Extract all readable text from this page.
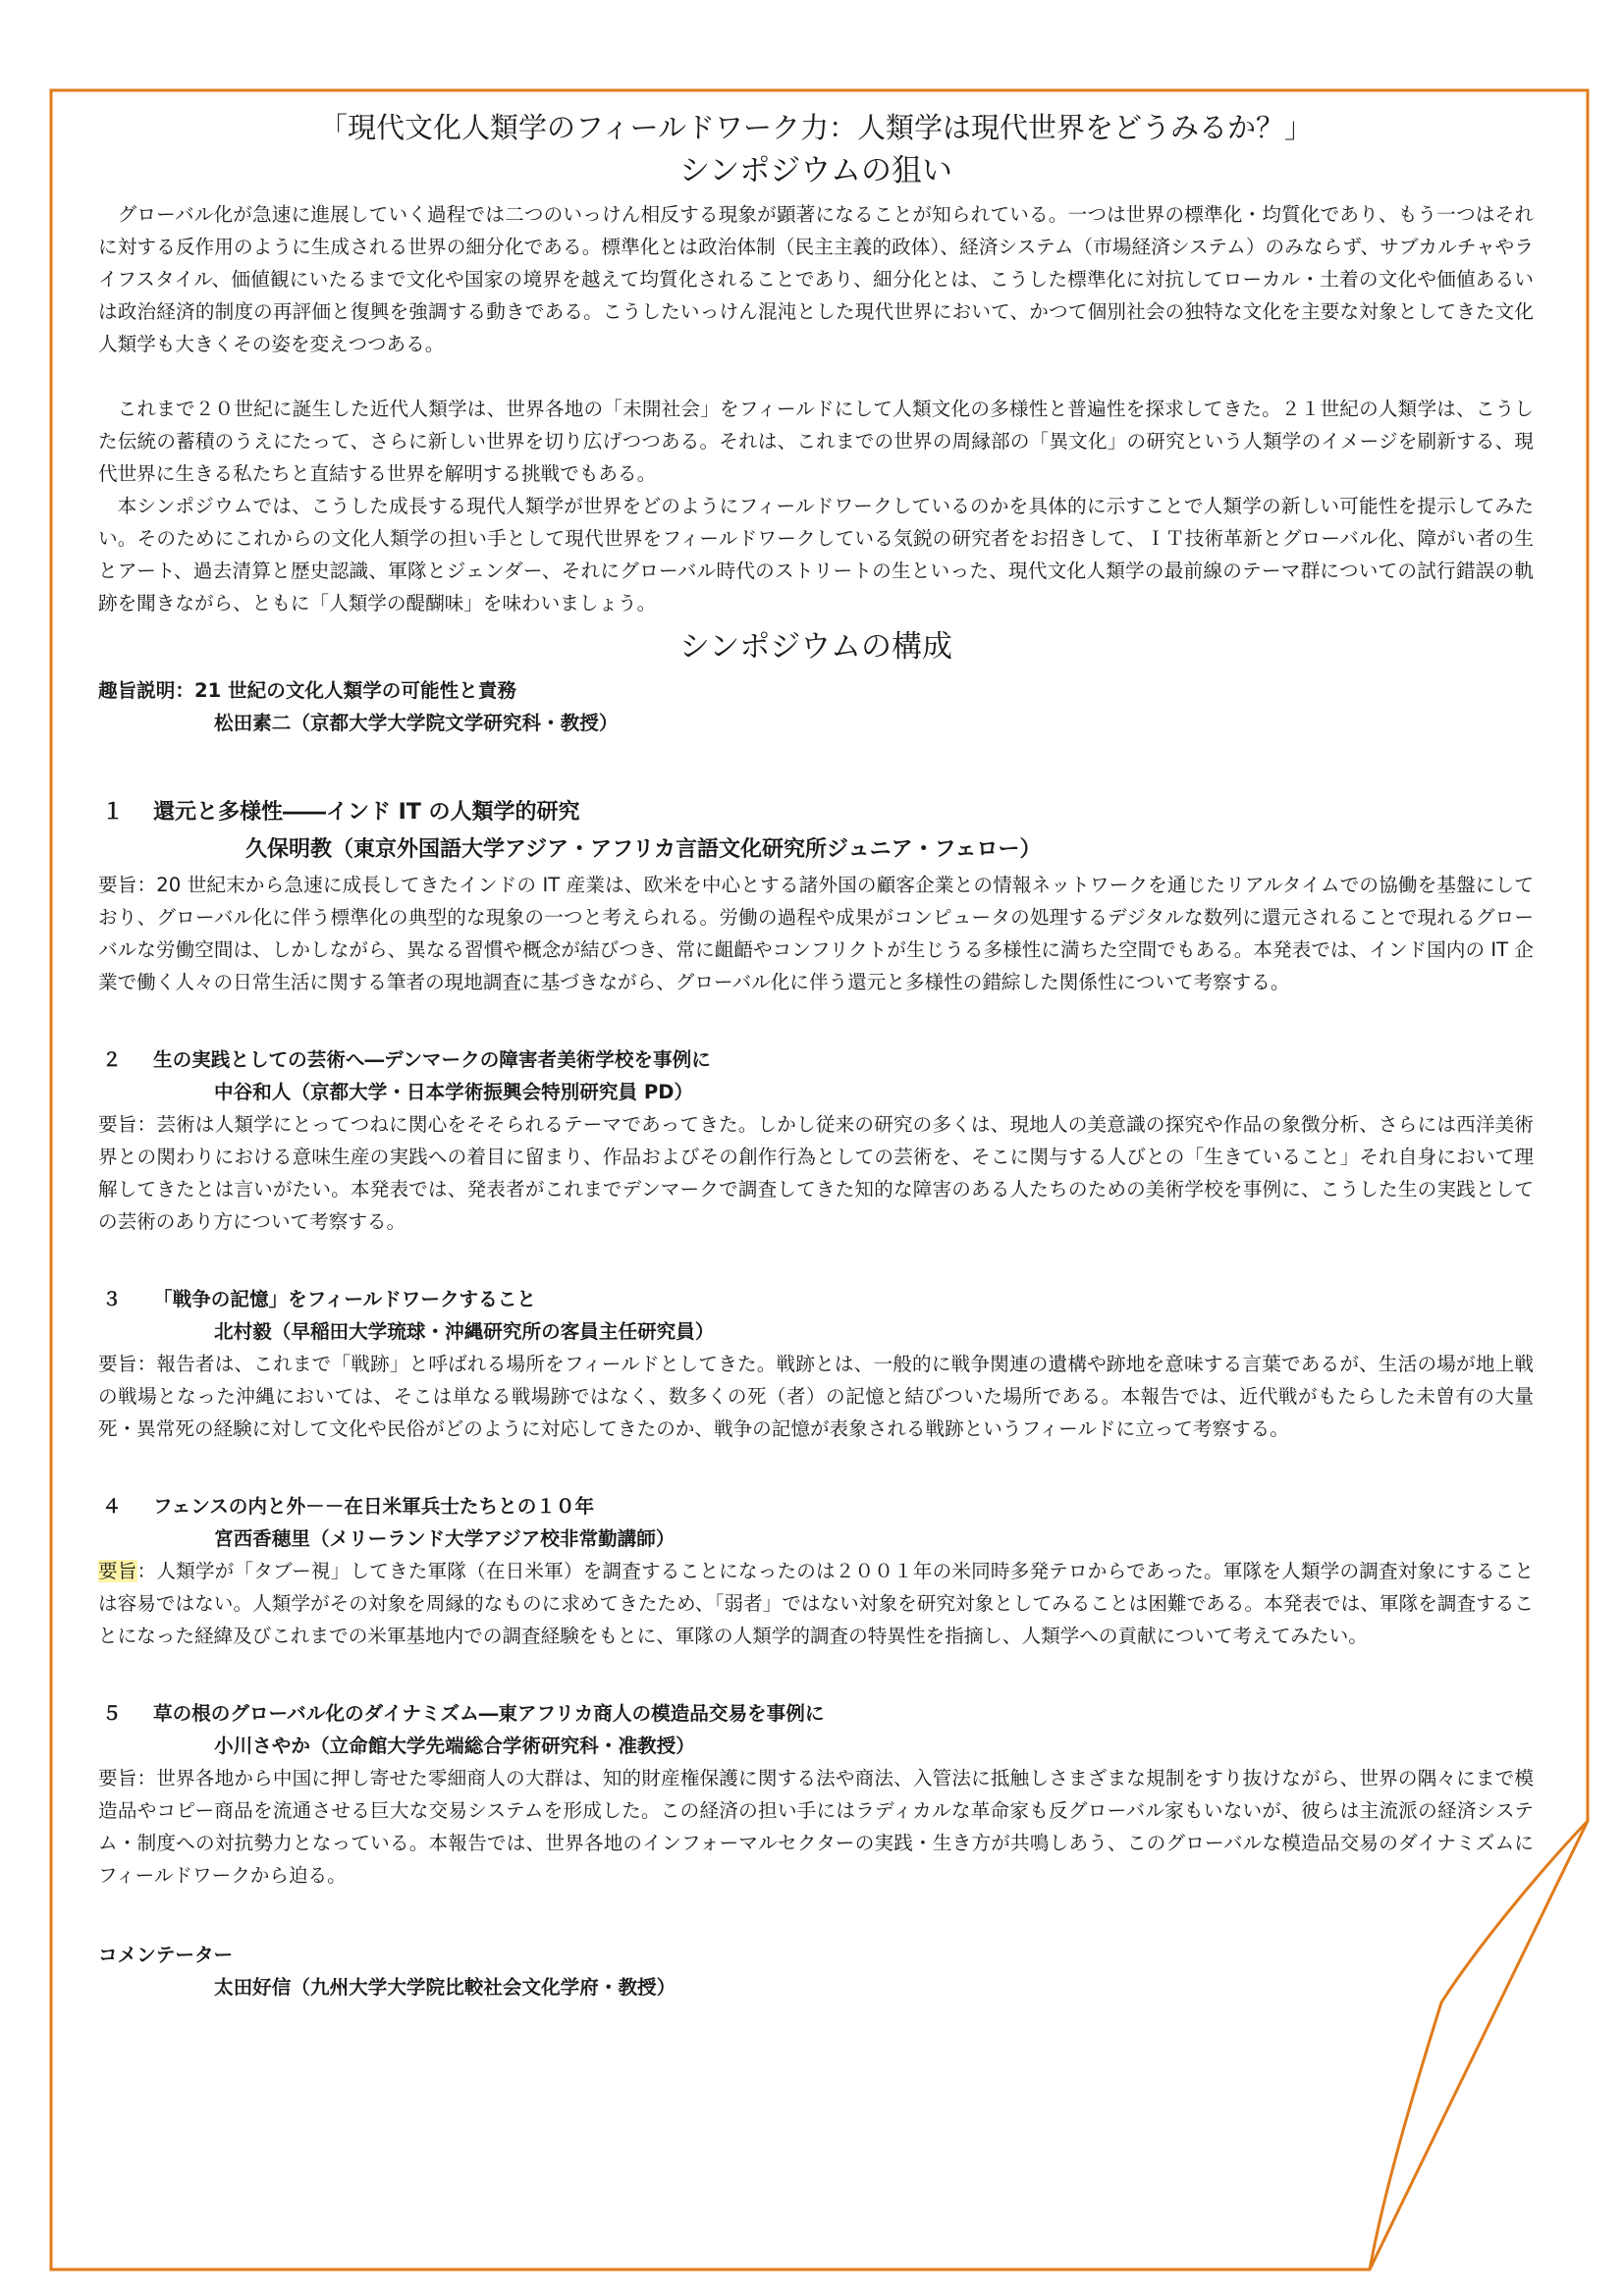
「現代文化人類学のフィールドワーク力：人類学は現代世界をどうみるか？」
シンポジウムの狙い

グローバル化が急速に進展していく過程では二つのいっけん相反する現象が顕著になることが知られている。一つは世界の標準化・均質化であり、もう一つはそれに対する反作用のように生成される世界の細分化である。標準化とは政治体制（民主主義的政体）、経済システム（市場経済システム）のみならず、サブカルチャやライフスタイル、価値観にいたるまで文化や国家の境界を越えて均質化されることであり、細分化とは、こうした標準化に対抗してローカル・土着の文化や価値あるいは政治経済的制度の再評価と復興を強調する動きである。こうしたいっけん混沌とした現代世界において、かつて個別社会の独特な文化を主要な対象としてきた文化人類学も大きくその姿を変えつつある。

これまで２０世紀に誕生した近代人類学は、世界各地の「未開社会」をフィールドにして人類文化の多様性と普遍性を探求してきた。２１世紀の人類学は、こうした伝統の蓄積のうえにたって、さらに新しい世界を切り広げつつある。それは、これまでの世界の周縁部の「異文化」の研究という人類学のイメージを刷新する、現代世界に生きる私たちと直結する世界を解明する挑戦でもある。

本シンポジウムでは、こうした成長する現代人類学が世界をどのようにフィールドワークしているのかを具体的に示すことで人類学の新しい可能性を提示してみたい。そのためにこれからの文化人類学の担い手として現代世界をフィールドワークしている気鋭の研究者をお招きして、ＩＴ技術革新とグローバル化、障がい者の生とアート、過去清算と歴史認識、軍隊とジェンダー、それにグローバル時代のストリートの生といった、現代文化人類学の最前線のテーマ群についての試行錯誤の軌跡を聞きながら、ともに「人類学の醍醐味」を味わいましょう。

シンポジウムの構成

趣旨説明：21 世紀の文化人類学の可能性と責務

松田素二（京都大学大学院文学研究科・教授）

１ 還元と多様性――インド IT の人類学的研究

久保明教（東京外国語大学アジア・アフリカ言語文化研究所ジュニア・フェロー）

要旨：20 世紀末から急速に成長してきたインドの IT 産業は、欧米を中心とする諸外国の顧客企業との情報ネットワークを通じたリアルタイムでの協働を基盤にしており、グローバル化に伴う標準化の典型的な現象の一つと考えられる。労働の過程や成果がコンピュータの処理するデジタルな数列に還元されることで現れるグローバルな労働空間は、しかしながら、異なる習慣や概念が結びつき、常に齟齬やコンフリクトが生じうる多様性に満ちた空間でもある。本発表では、インド国内の IT 企業で働く人々の日常生活に関する筆者の現地調査に基づきながら、グローバル化に伴う還元と多様性の錯綜した関係性について考察する。

２ 生の実践としての芸術へ―デンマークの障害者美術学校を事例に

中谷和人（京都大学・日本学術振興会特別研究員 PD）

要旨：芸術は人類学にとってつねに関心をそそられるテーマであってきた。しかし従来の研究の多くは、現地人の美意識の探究や作品の象徴分析、さらには西洋美術界との関わりにおける意味生産の実践への着目に留まり、作品およびその創作行為としての芸術を、そこに関与する人びとの「生きていること」それ自身において理解してきたとは言いがたい。本発表では、発表者がこれまでデンマークで調査してきた知的な障害のある人たちのための美術学校を事例に、こうした生の実践としての芸術のあり方について考察する。

３ 「戦争の記憶」をフィールドワークすること

北村毅（早稲田大学琉球・沖縄研究所の客員主任研究員）

要旨：報告者は、これまで「戦跡」と呼ばれる場所をフィールドとしてきた。戦跡とは、一般的に戦争関連の遺構や跡地を意味する言葉であるが、生活の場が地上戦の戦場となった沖縄においては、そこは単なる戦場跡ではなく、数多くの死（者）の記憶と結びついた場所である。本報告では、近代戦がもたらした未曽有の大量死・異常死の経験に対して文化や民俗がどのように対応してきたのか、戦争の記憶が表象される戦跡というフィールドに立って考察する。

４ フェンスの内と外－－在日米軍兵士たちとの１０年

宮西香穂里（メリーランド大学アジア校非常勤講師）

要旨：人類学が「タブー視」してきた軍隊（在日米軍）を調査することになったのは２００１年の米同時多発テロからであった。軍隊を人類学の調査対象にすることは容易ではない。人類学がその対象を周縁的なものに求めてきたため、「弱者」ではない対象を研究対象としてみることは困難である。本発表では、軍隊を調査することになった経緯及びこれまでの米軍基地内での調査経験をもとに、軍隊の人類学的調査の特異性を指摘し、人類学への貢献について考えてみたい。

５ 草の根のグローバル化のダイナミズム―東アフリカ商人の模造品交易を事例に

小川さやか（立命館大学先端総合学術研究科・准教授）

要旨：世界各地から中国に押し寄せた零細商人の大群は、知的財産権保護に関する法や商法、入管法に抵触しさまざまな規制をすり抜けながら、世界の隅々にまで模造品やコピー商品を流通させる巨大な交易システムを形成した。この経済の担い手にはラディカルな革命家も反グローバル家もいないが、彼らは主流派の経済システム・制度への対抗勢力となっている。本報告では、世界各地のインフォーマルセクターの実践・生き方が共鳴しあう、このグローバルな模造品交易のダイナミズムにフィールドワークから迫る。

コメンテーター

太田好信（九州大学大学院比較社会文化学府・教授）
